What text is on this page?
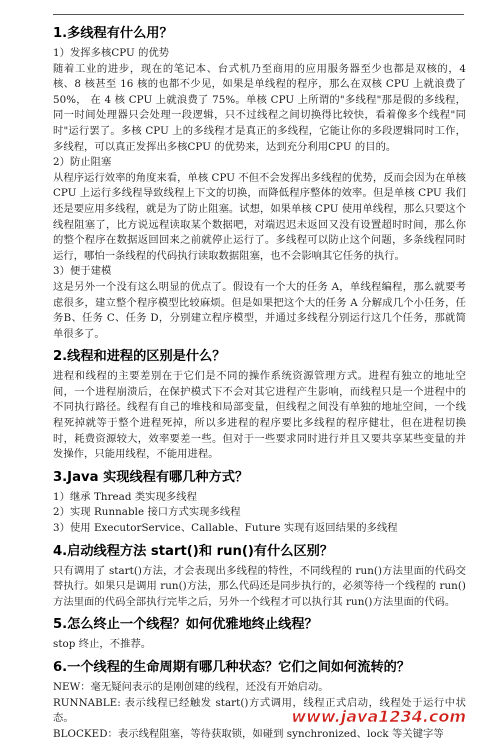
1.多线程有什么用？

1）发挥多核CPU 的优势

随着工业的进步，现在的笔记本、台式机乃至商用的应用服务器至少也都是双核的，4 核、8 核甚至 16 核的也都不少见，如果是单线程的程序，那么在双核 CPU 上就浪费了 50%， 在 4 核 CPU 上就浪费了 75%。单核 CPU 上所谓的"多线程"那是假的多线程，同一时间处理器只会处理一段逻辑，只不过线程之间切换得比较快，看着像多个线程"同时"运行罢了。多核 CPU 上的多线程才是真正的多线程，它能让你的多段逻辑同时工作，多线程，可以真正发挥出多核CPU 的优势来，达到充分利用CPU 的目的。

2）防止阻塞

从程序运行效率的角度来看，单核 CPU 不但不会发挥出多线程的优势，反而会因为在单核CPU 上运行多线程导致线程上下文的切换，而降低程序整体的效率。但是单核 CPU 我们还是要应用多线程，就是为了防止阻塞。试想，如果单核 CPU 使用单线程，那么只要这个线程阻塞了，比方说远程读取某个数据吧，对端迟迟未返回又没有设置超时时间，那么你的整个程序在数据返回回来之前就停止运行了。多线程可以防止这个问题，多条线程同时运行，哪怕一条线程的代码执行读取数据阻塞，也不会影响其它任务的执行。

3）便于建模

这是另外一个没有这么明显的优点了。假设有一个大的任务 A，单线程编程，那么就要考虑很多，建立整个程序模型比较麻烦。但是如果把这个大的任务 A 分解成几个小任务，任务B、任务 C、任务 D，分别建立程序模型，并通过多线程分别运行这几个任务，那就简单很多了。

2.线程和进程的区别是什么？

进程和线程的主要差别在于它们是不同的操作系统资源管理方式。进程有独立的地址空间，一个进程崩溃后，在保护模式下不会对其它进程产生影响，而线程只是一个进程中的不同执行路径。线程有自己的堆栈和局部变量，但线程之间没有单独的地址空间，一个线程死掉就等于整个进程死掉，所以多进程的程序要比多线程的程序健壮，但在进程切换时，耗费资源较大，效率要差一些。但对于一些要求同时进行并且又要共享某些变量的并发操作，只能用线程，不能用进程。

3.Java 实现线程有哪几种方式？

1）继承 Thread 类实现多线程

2）实现 Runnable 接口方式实现多线程

3）使用 ExecutorService、Callable、Future 实现有返回结果的多线程

4.启动线程方法 start()和 run()有什么区别？

只有调用了 start()方法，才会表现出多线程的特性，不同线程的 run()方法里面的代码交替执行。如果只是调用 run()方法，那么代码还是同步执行的，必须等待一个线程的 run()方法里面的代码全部执行完毕之后，另外一个线程才可以执行其 run()方法里面的代码。

5.怎么终止一个线程？如何优雅地终止线程？

stop 终止，不推荐。

6.一个线程的生命周期有哪几种状态？它们之间如何流转的？

NEW：毫无疑问表示的是刚创建的线程，还没有开始启动。

RUNNABLE: 表示线程已经触发 start()方式调用，线程正式启动，线程处于运行中状态。

BLOCKED：表示线程阻塞，等待获取锁，如碰到 synchronized、lock 等关键字等

www.java1234.com
